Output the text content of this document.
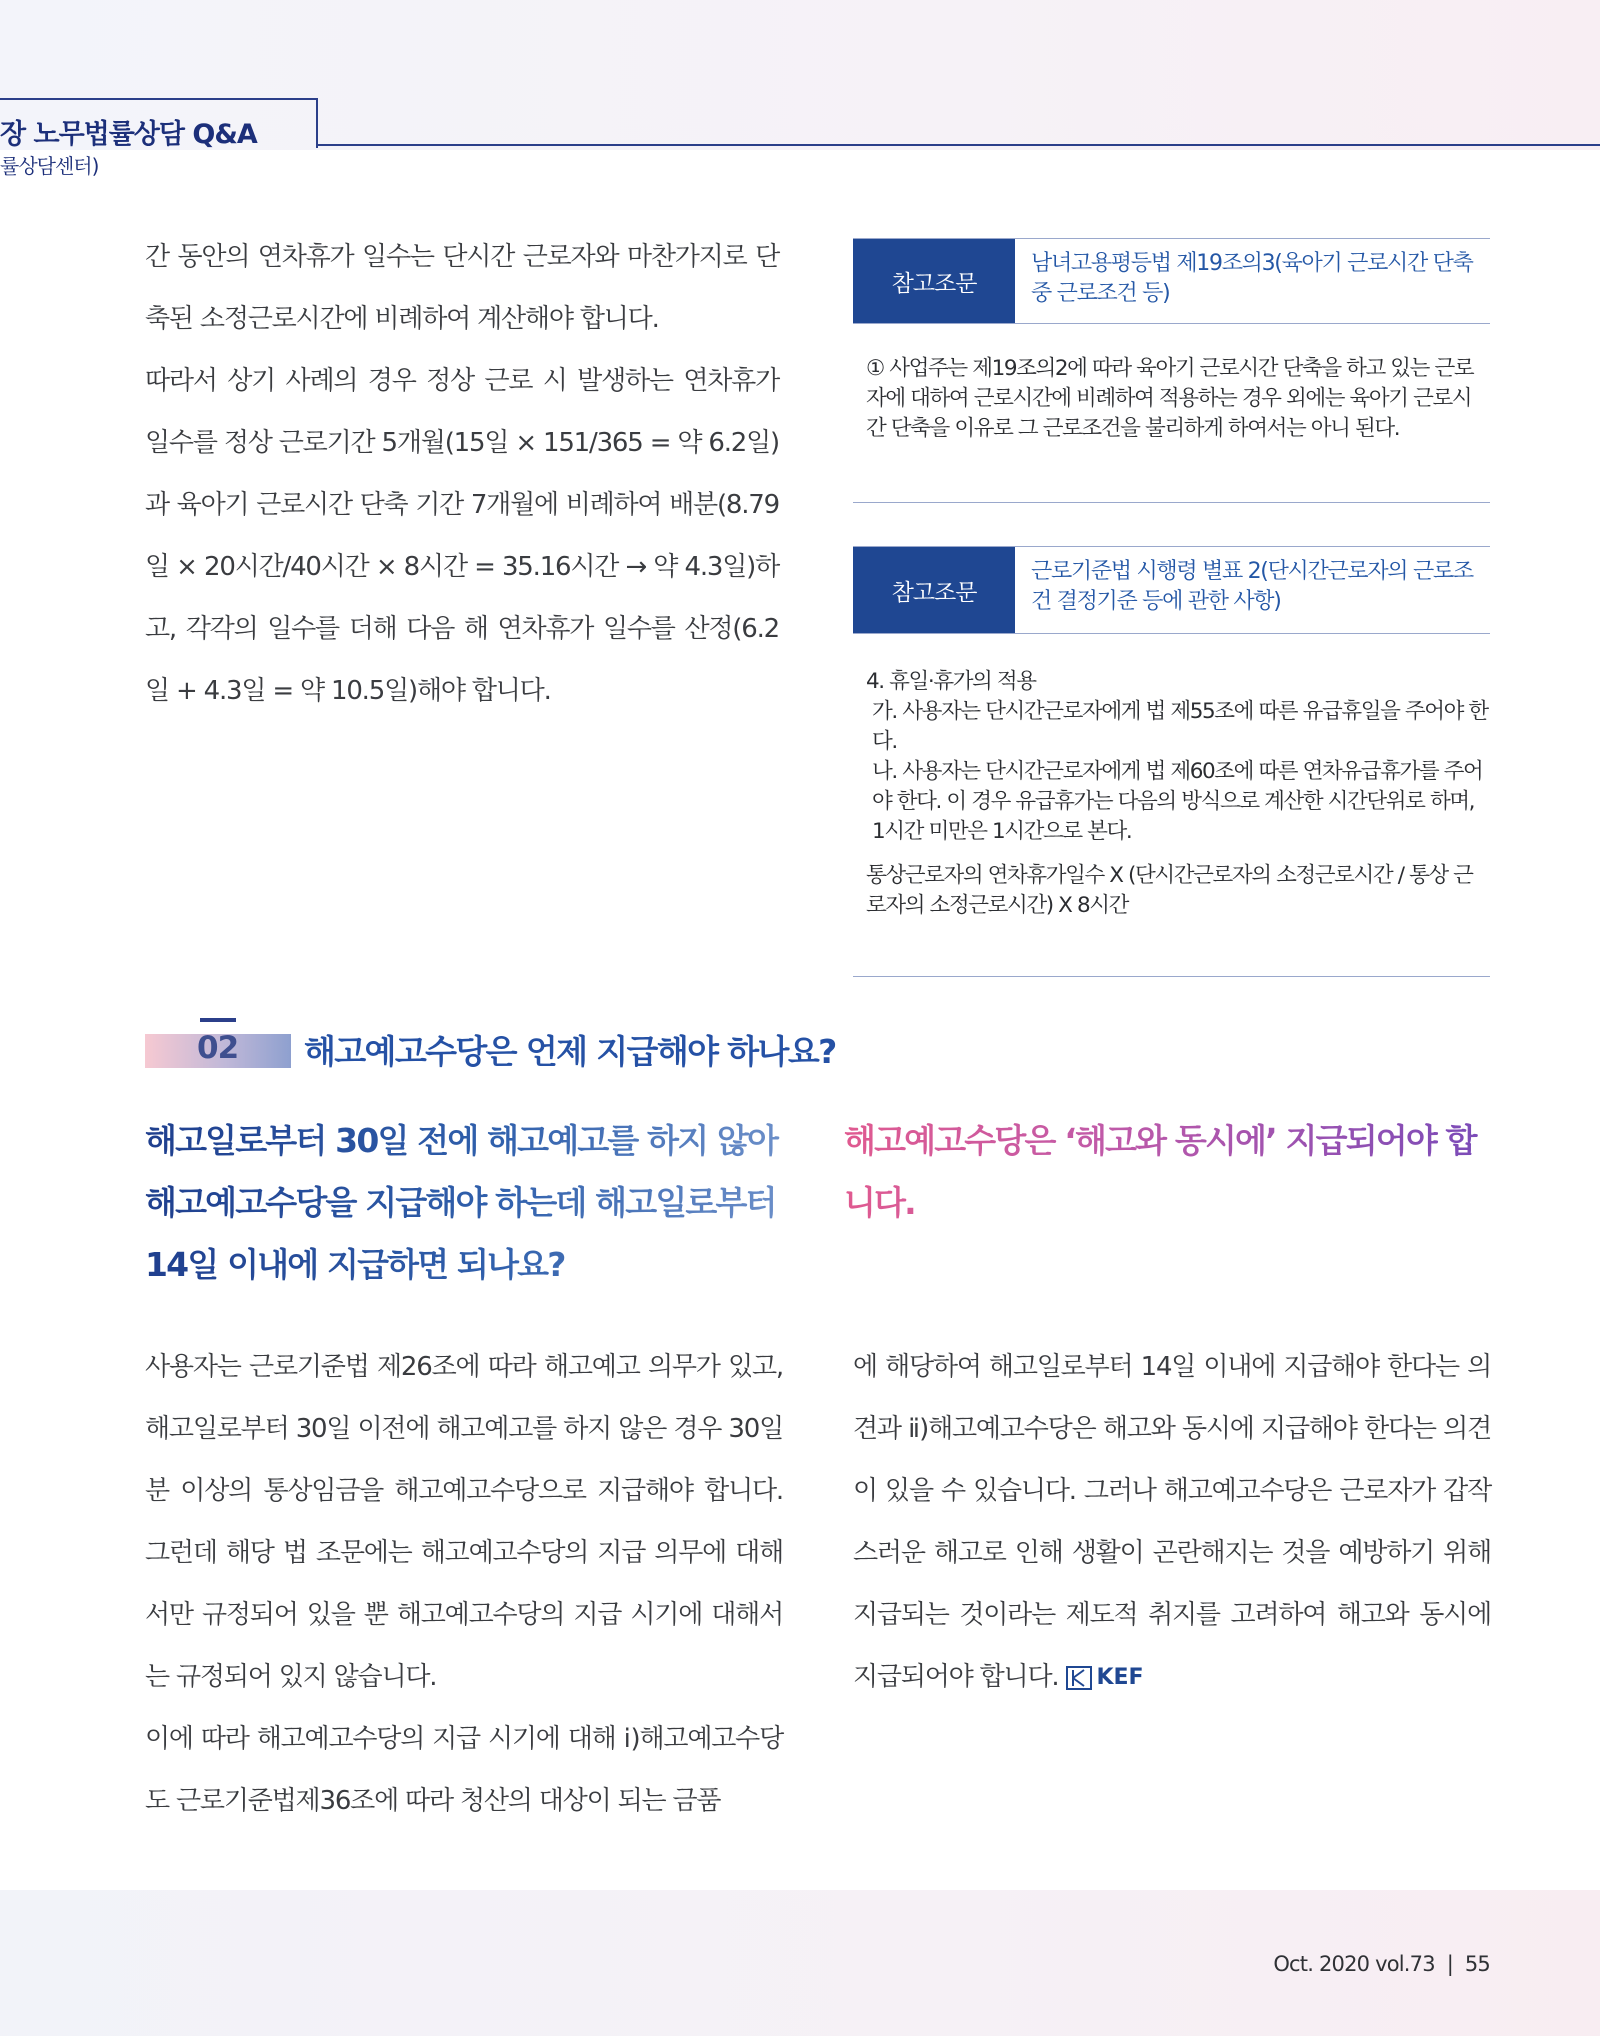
장 노무법률상담 Q&A
률상담센터)

간 동안의 연차휴가 일수는 단시간 근로자와 마찬가지로 단축된 소정근로시간에 비례하여 계산해야 합니다.

따라서 상기 사례의 경우 정상 근로 시 발생하는 연차휴가 일수를 정상 근로기간 5개월(15일 × 151/365 = 약 6.2일)과 육아기 근로시간 단축 기간 7개월에 비례하여 배분(8.79일 × 20시간/40시간 × 8시간 = 35.16시간 → 약 4.3일)하고, 각각의 일수를 더해 다음 해 연차휴가 일수를 산정(6.2일 + 4.3일 = 약 10.5일)해야 합니다.

참고조문
남녀고용평등법 제19조의3(육아기 근로시간 단축 중 근로조건 등)

① 사업주는 제19조의2에 따라 육아기 근로시간 단축을 하고 있는 근로자에 대하여 근로시간에 비례하여 적용하는 경우 외에는 육아기 근로시간 단축을 이유로 그 근로조건을 불리하게 하여서는 아니 된다.

참고조문
근로기준법 시행령 별표 2(단시간근로자의 근로조건 결정기준 등에 관한 사항)
4. 휴일·휴가의 적용
가. 사용자는 단시간근로자에게 법 제55조에 따른 유급휴일을 주어야 한다.
나. 사용자는 단시간근로자에게 법 제60조에 따른 연차유급휴가를 주어야 한다. 이 경우 유급휴가는 다음의 방식으로 계산한 시간단위로 하며, 1시간 미만은 1시간으로 본다.
통상근로자의 연차휴가일수 X (단시간근로자의 소정근로시간 / 통상 근로자의 소정근로시간) X 8시간
02 해고예고수당은 언제 지급해야 하나요?

해고일로부터 30일 전에 해고예고를 하지 않아 해고예고수당을 지급해야 하는데 해고일로부터 14일 이내에 지급하면 되나요?

해고예고수당은 ‘해고와 동시에’ 지급되어야 합니다.

사용자는 근로기준법 제26조에 따라 해고예고 의무가 있고, 해고일로부터 30일 이전에 해고예고를 하지 않은 경우 30일분 이상의 통상임금을 해고예고수당으로 지급해야 합니다. 그런데 해당 법 조문에는 해고예고수당의 지급 의무에 대해서만 규정되어 있을 뿐 해고예고수당의 지급 시기에 대해서는 규정되어 있지 않습니다.

이에 따라 해고예고수당의 지급 시기에 대해 ⅰ)해고예고수당도 근로기준법제36조에 따라 청산의 대상이 되는 금품

에 해당하여 해고일로부터 14일 이내에 지급해야 한다는 의견과 ⅱ)해고예고수당은 해고와 동시에 지급해야 한다는 의견이 있을 수 있습니다. 그러나 해고예고수당은 근로자가 갑작스러운 해고로 인해 생활이 곤란해지는 것을 예방하기 위해 지급되는 것이라는 제도적 취지를 고려하여 해고와 동시에 지급되어야 합니다. KEF

Oct. 2020 vol.73 | 55
